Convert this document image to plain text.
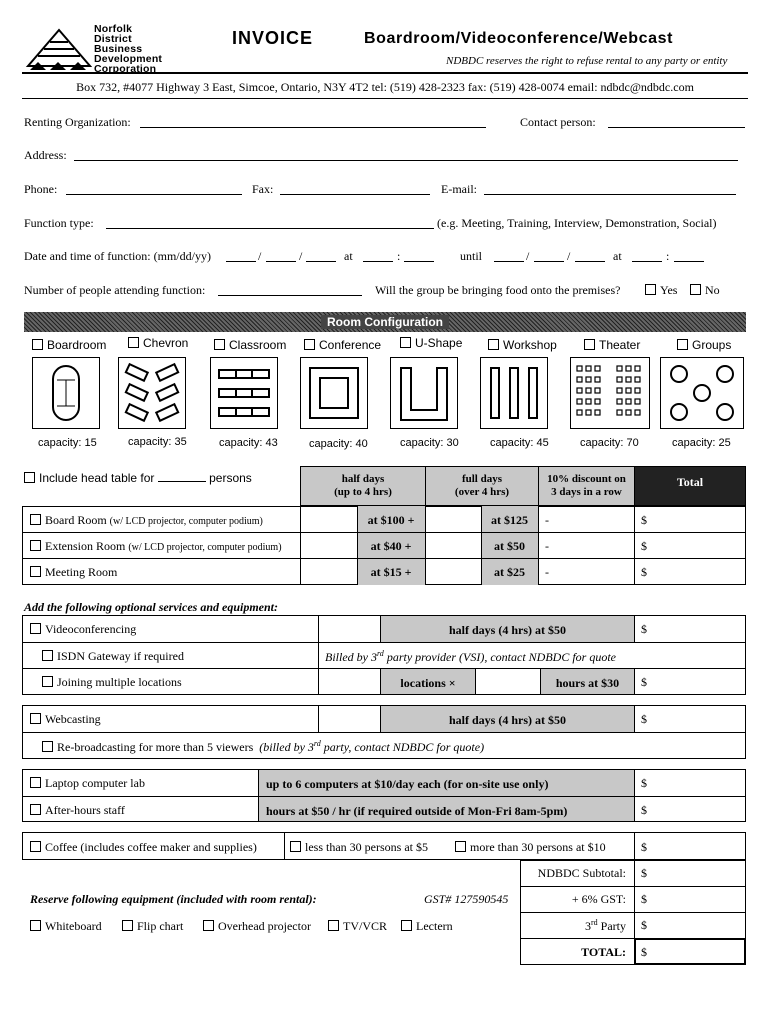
Norfolk
District
Business
Development
Corporation
INVOICE	Boardroom/Videoconference/Webcast
NDBDC reserves the right to refuse rental to any party or entity
Box 732, #4077 Highway 3 East, Simcoe, Ontario, N3Y 4T2 tel: (519) 428-2323 fax: (519) 428-0074 email: ndbdc@ndbdc.com
Renting Organization:	Contact person:
Address:
Phone:	Fax:	E-mail:
Function type:	(e.g. Meeting, Training, Interview, Demonstration, Social)
Date and time of function: (mm/dd/yy)	/	/	at	:	until	/	/	at	:
Number of people attending function:	Will the group be bringing food onto the premises?	Yes	No
Room Configuration
Boardroom	Chevron	Classroom	Conference	U-Shape	Workshop	Theater	Groups
capacity: 15	capacity: 35	capacity: 43	capacity: 40	capacity: 30	capacity: 45	capacity: 70	capacity: 25
Include head table for	persons	half days
(up to 4 hrs)
full days
(over 4 hrs)
10% discount on
3 days in a row
Total
Board Room (w/ LCD projector, computer podium)	at $100 +	at $125	-	$
Extension Room (w/ LCD projector, computer podium)	at $40 +	at $50	-	$
Meeting Room	at $15 +	at $25	-	$
Add the following optional services and equipment:
Videoconferencing	half days (4 hrs) at $50	$
ISDN Gateway if required	Billed by 3rd party provider (VSI), contact NDBDC for quote
Joining multiple locations	locations ×	hours at $30	$
Webcasting	half days (4 hrs) at $50	$
Re-broadcasting for more than 5 viewers (billed by 3rd party, contact NDBDC for quote)
Laptop computer lab	up to 6 computers at $10/day each (for on-site use only)	$
After-hours staff	hours at $50 / hr (if required outside of Mon-Fri 8am-5pm)	$
Coffee (includes coffee maker and supplies)	less than 30 persons at $5	more than 30 persons at $10	$
NDBDC Subtotal: $
+ 6% GST: $
3rd Party $
TOTAL: $
Reserve following equipment (included with room rental):	GST# 127590545
Whiteboard	Flip chart	Overhead projector	TV/VCR	Lectern
